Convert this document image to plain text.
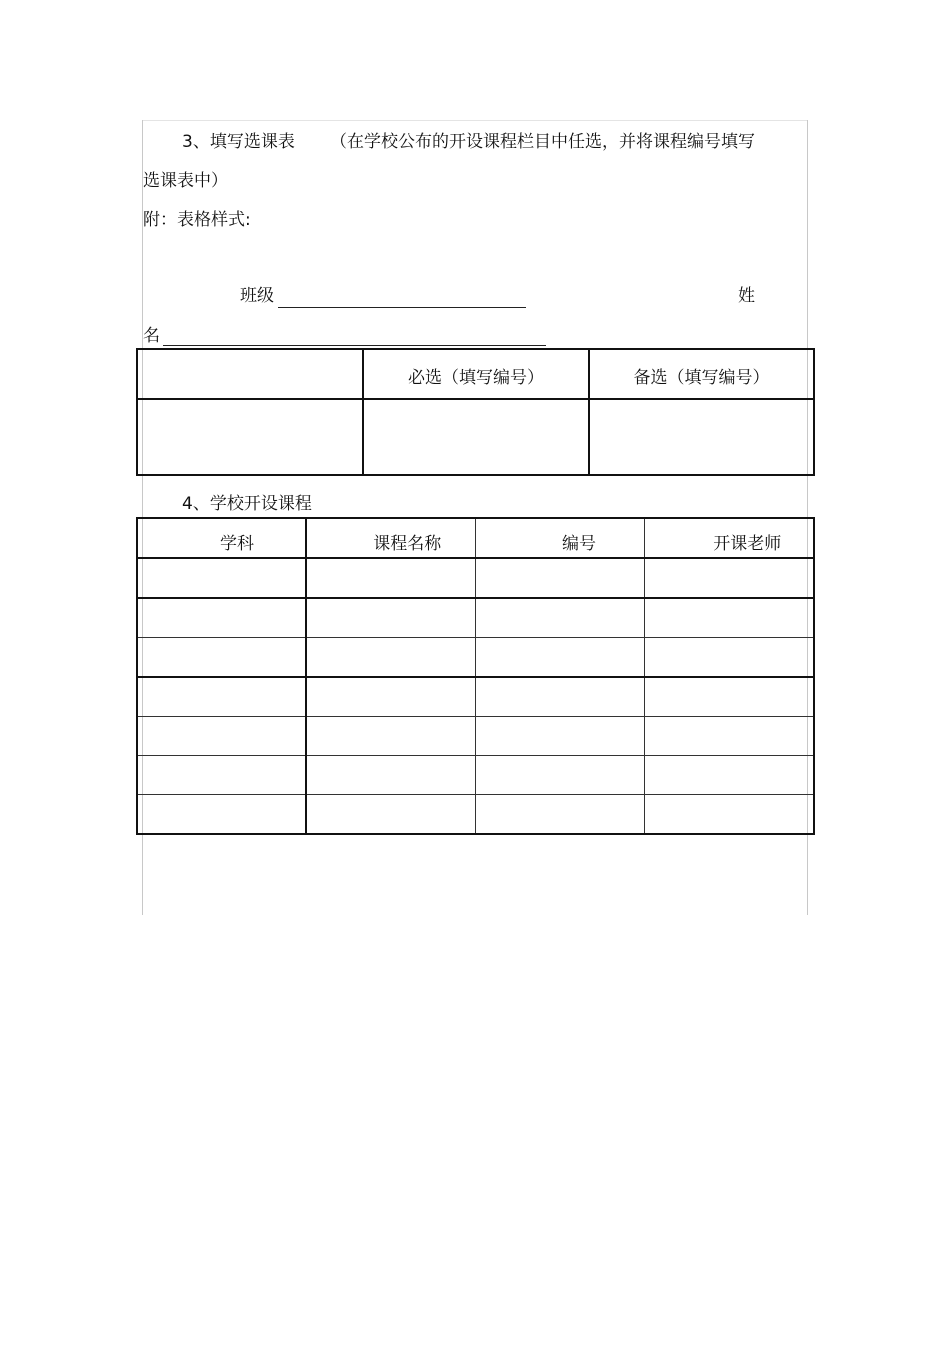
3、填写选课表 （在学校公布的开设课程栏目中任选，并将课程编号填写
选课表中）
附：表格样式:
班级	姓
名

	必选（填写编号）	备选（填写编号）

4、学校开设课程
学科	课程名称	编号	开课老师
